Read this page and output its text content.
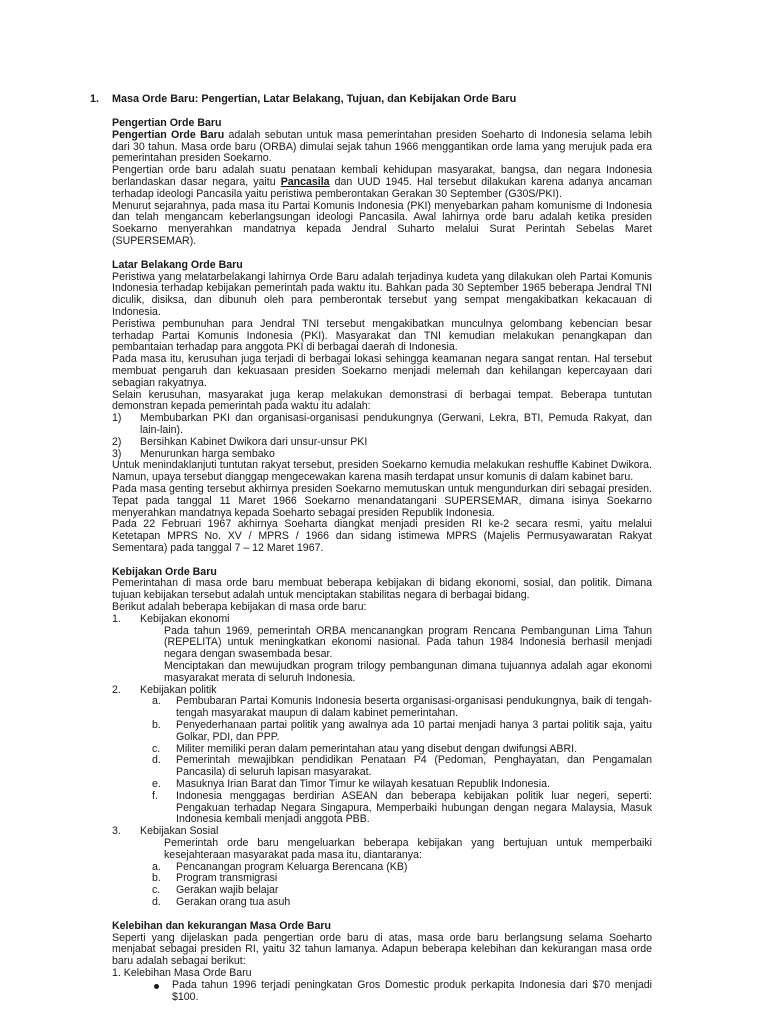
1. Masa Orde Baru: Pengertian, Latar Belakang, Tujuan, dan Kebijakan Orde Baru

Pengertian Orde Baru

Pengertian Orde Baru adalah sebutan untuk masa pemerintahan presiden Soeharto di Indonesia selama lebih dari 30 tahun. Masa orde baru (ORBA) dimulai sejak tahun 1966 menggantikan orde lama yang merujuk pada era pemerintahan presiden Soekarno.

Pengertian orde baru adalah suatu penataan kembali kehidupan masyarakat, bangsa, dan negara Indonesia berlandaskan dasar negara, yaitu Pancasila dan UUD 1945. Hal tersebut dilakukan karena adanya ancaman terhadap ideologi Pancasila yaitu peristiwa pemberontakan Gerakan 30 September (G30S/PKI).

Menurut sejarahnya, pada masa itu Partai Komunis Indonesia (PKI) menyebarkan paham komunisme di Indonesia dan telah mengancam keberlangsungan ideologi Pancasila. Awal lahirnya orde baru adalah ketika presiden Soekarno menyerahkan mandatnya kepada Jendral Suharto melalui Surat Perintah Sebelas Maret (SUPERSEMAR).

Latar Belakang Orde Baru

Peristiwa yang melatarbelakangi lahirnya Orde Baru adalah terjadinya kudeta yang dilakukan oleh Partai Komunis Indonesia terhadap kebijakan pemerintah pada waktu itu. Bahkan pada 30 September 1965 beberapa Jendral TNI diculik, disiksa, dan dibunuh oleh para pemberontak tersebut yang sempat mengakibatkan kekacauan di Indonesia.

Peristiwa pembunuhan para Jendral TNI tersebut mengakibatkan munculnya gelombang kebencian besar terhadap Partai Komunis Indonesia (PKI). Masyarakat dan TNI kemudian melakukan penangkapan dan pembantaian terhadap para anggota PKI di berbagai daerah di Indonesia.

Pada masa itu, kerusuhan juga terjadi di berbagai lokasi sehingga keamanan negara sangat rentan. Hal tersebut membuat pengaruh dan kekuasaan presiden Soekarno menjadi melemah dan kehilangan kepercayaan dari sebagian rakyatnya.

Selain kerusuhan, masyarakat juga kerap melakukan demonstrasi di berbagai tempat. Beberapa tuntutan demonstran kepada pemerintah pada waktu itu adalah:

1) Membubarkan PKI dan organisasi-organisasi pendukungnya (Gerwani, Lekra, BTI, Pemuda Rakyat, dan lain-lain).
2) Bersihkan Kabinet Dwikora dari unsur-unsur PKI
3) Menurunkan harga sembako

Untuk menindaklanjuti tuntutan rakyat tersebut, presiden Soekarno kemudia melakukan reshuffle Kabinet Dwikora. Namun, upaya tersebut dianggap mengecewakan karena masih terdapat unsur komunis di dalam kabinet baru.

Pada masa genting tersebut akhirnya presiden Soekarno memutuskan untuk mengundurkan diri sebagai presiden. Tepat pada tanggal 11 Maret 1966 Soekarno menandatangani SUPERSEMAR, dimana isinya Soekarno menyerahkan mandatnya kepada Soeharto sebagai presiden Republik Indonesia.

Pada 22 Februari 1967 akhirnya Soeharta diangkat menjadi presiden RI ke-2 secara resmi, yaitu melalui Ketetapan MPRS No. XV / MPRS / 1966 dan sidang istimewa MPRS (Majelis Permusyawaratan Rakyat Sementara) pada tanggal 7 – 12 Maret 1967.

Kebijakan Orde Baru

Pemerintahan di masa orde baru membuat beberapa kebijakan di bidang ekonomi, sosial, dan politik. Dimana tujuan kebijakan tersebut adalah untuk menciptakan stabilitas negara di berbagai bidang.

Berikut adalah beberapa kebijakan di masa orde baru:

1. Kebijakan ekonomi

Pada tahun 1969, pemerintah ORBA mencanangkan program Rencana Pembangunan Lima Tahun (REPELITA) untuk meningkatkan ekonomi nasional. Pada tahun 1984 Indonesia berhasil menjadi negara dengan swasembada besar.

Menciptakan dan mewujudkan program trilogy pembangunan dimana tujuannya adalah agar ekonomi masyarakat merata di seluruh Indonesia.

2. Kebijakan politik
a. Pembubaran Partai Komunis Indonesia beserta organisasi-organisasi pendukungnya, baik di tengah-tengah masyarakat maupun di dalam kabinet pemerintahan.
b. Penyederhanaan partai politik yang awalnya ada 10 partai menjadi hanya 3 partai politik saja, yaitu Golkar, PDI, dan PPP.
c. Militer memiliki peran dalam pemerintahan atau yang disebut dengan dwifungsi ABRI.
d. Pemerintah mewajibkan pendidikan Penataan P4 (Pedoman, Penghayatan, dan Pengamalan Pancasila) di seluruh lapisan masyarakat.
e. Masuknya Irian Barat dan Timor Timur ke wilayah kesatuan Republik Indonesia.
f. Indonesia menggagas berdirian ASEAN dan beberapa kebijakan politik luar negeri, seperti: Pengakuan terhadap Negara Singapura, Memperbaiki hubungan dengan negara Malaysia, Masuk Indonesia kembali menjadi anggota PBB.
3. Kebijakan Sosial

Pemerintah orde baru mengeluarkan beberapa kebijakan yang bertujuan untuk memperbaiki kesejahteraan masyarakat pada masa itu, diantaranya:

a. Pencanangan program Keluarga Berencana (KB)
b. Program transmigrasi
c. Gerakan wajib belajar
d. Gerakan orang tua asuh

Kelebihan dan kekurangan Masa Orde Baru

Seperti yang dijelaskan pada pengertian orde baru di atas, masa orde baru berlangsung selama Soeharto menjabat sebagai presiden RI, yaitu 32 tahun lamanya. Adapun beberapa kelebihan dan kekurangan masa orde baru adalah sebagai berikut:

1. Kelebihan Masa Orde Baru

Pada tahun 1996 terjadi peningkatan Gros Domestic produk perkapita Indonesia dari $70 menjadi $100.
